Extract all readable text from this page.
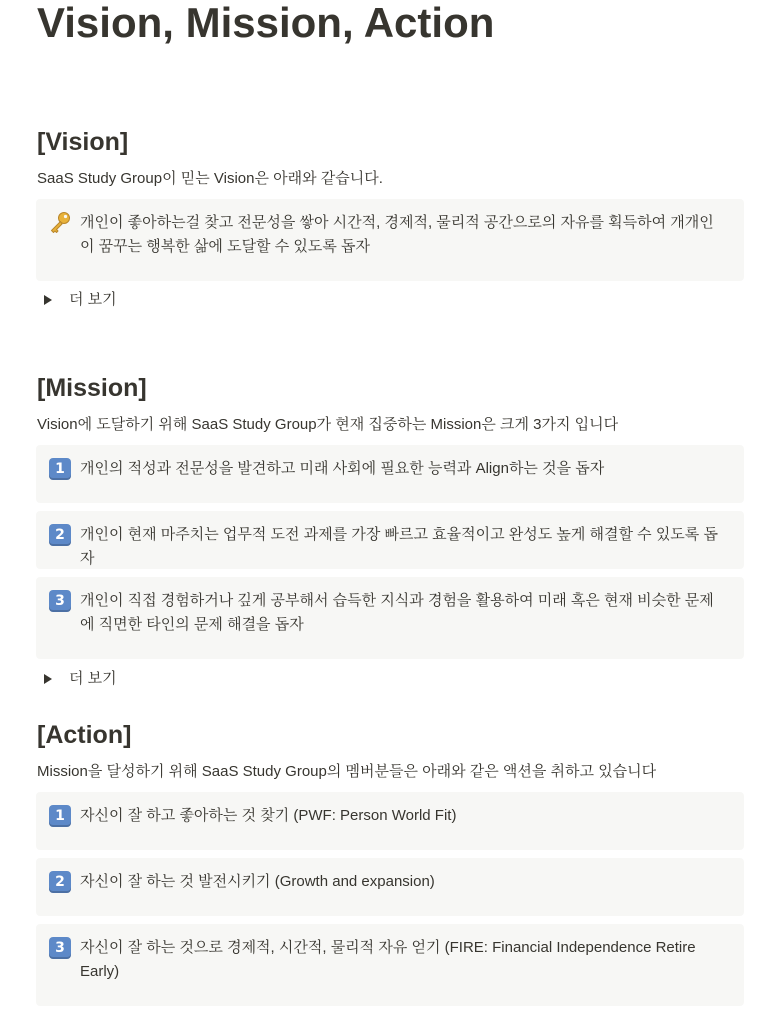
Vision, Mission, Action
[Vision]

SaaS Study Group이 믿는 Vision은 아래와 같습니다.

개인이 좋아하는걸 찾고 전문성을 쌓아 시간적, 경제적, 물리적 공간으로의 자유를 획득하여 개개인이 꿈꾸는 행복한 삶에 도달할 수 있도록 돕자
더 보기
[Mission]

Vision에 도달하기 위해 SaaS Study Group가 현재 집중하는 Mission은 크게 3가지 입니다

1	개인의 적성과 전문성을 발견하고 미래 사회에 필요한 능력과 Align하는 것을 돕자
2	개인이 현재 마주치는 업무적 도전 과제를 가장 빠르고 효율적이고 완성도 높게 해결할 수 있도록 돕자
3	개인이 직접 경험하거나 깊게 공부해서 습득한 지식과 경험을 활용하여 미래 혹은 현재 비슷한 문제에 직면한 타인의 문제 해결을 돕자
더 보기
[Action]

Mission을 달성하기 위해 SaaS Study Group의 멤버분들은 아래와 같은 액션을 취하고 있습니다

1	자신이 잘 하고 좋아하는 것 찾기 (PWF: Person World Fit)
2	자신이 잘 하는 것 발전시키기 (Growth and expansion)
3	자신이 잘 하는 것으로 경제적, 시간적, 물리적 자유 얻기 (FIRE: Financial Independence Retire Early)
